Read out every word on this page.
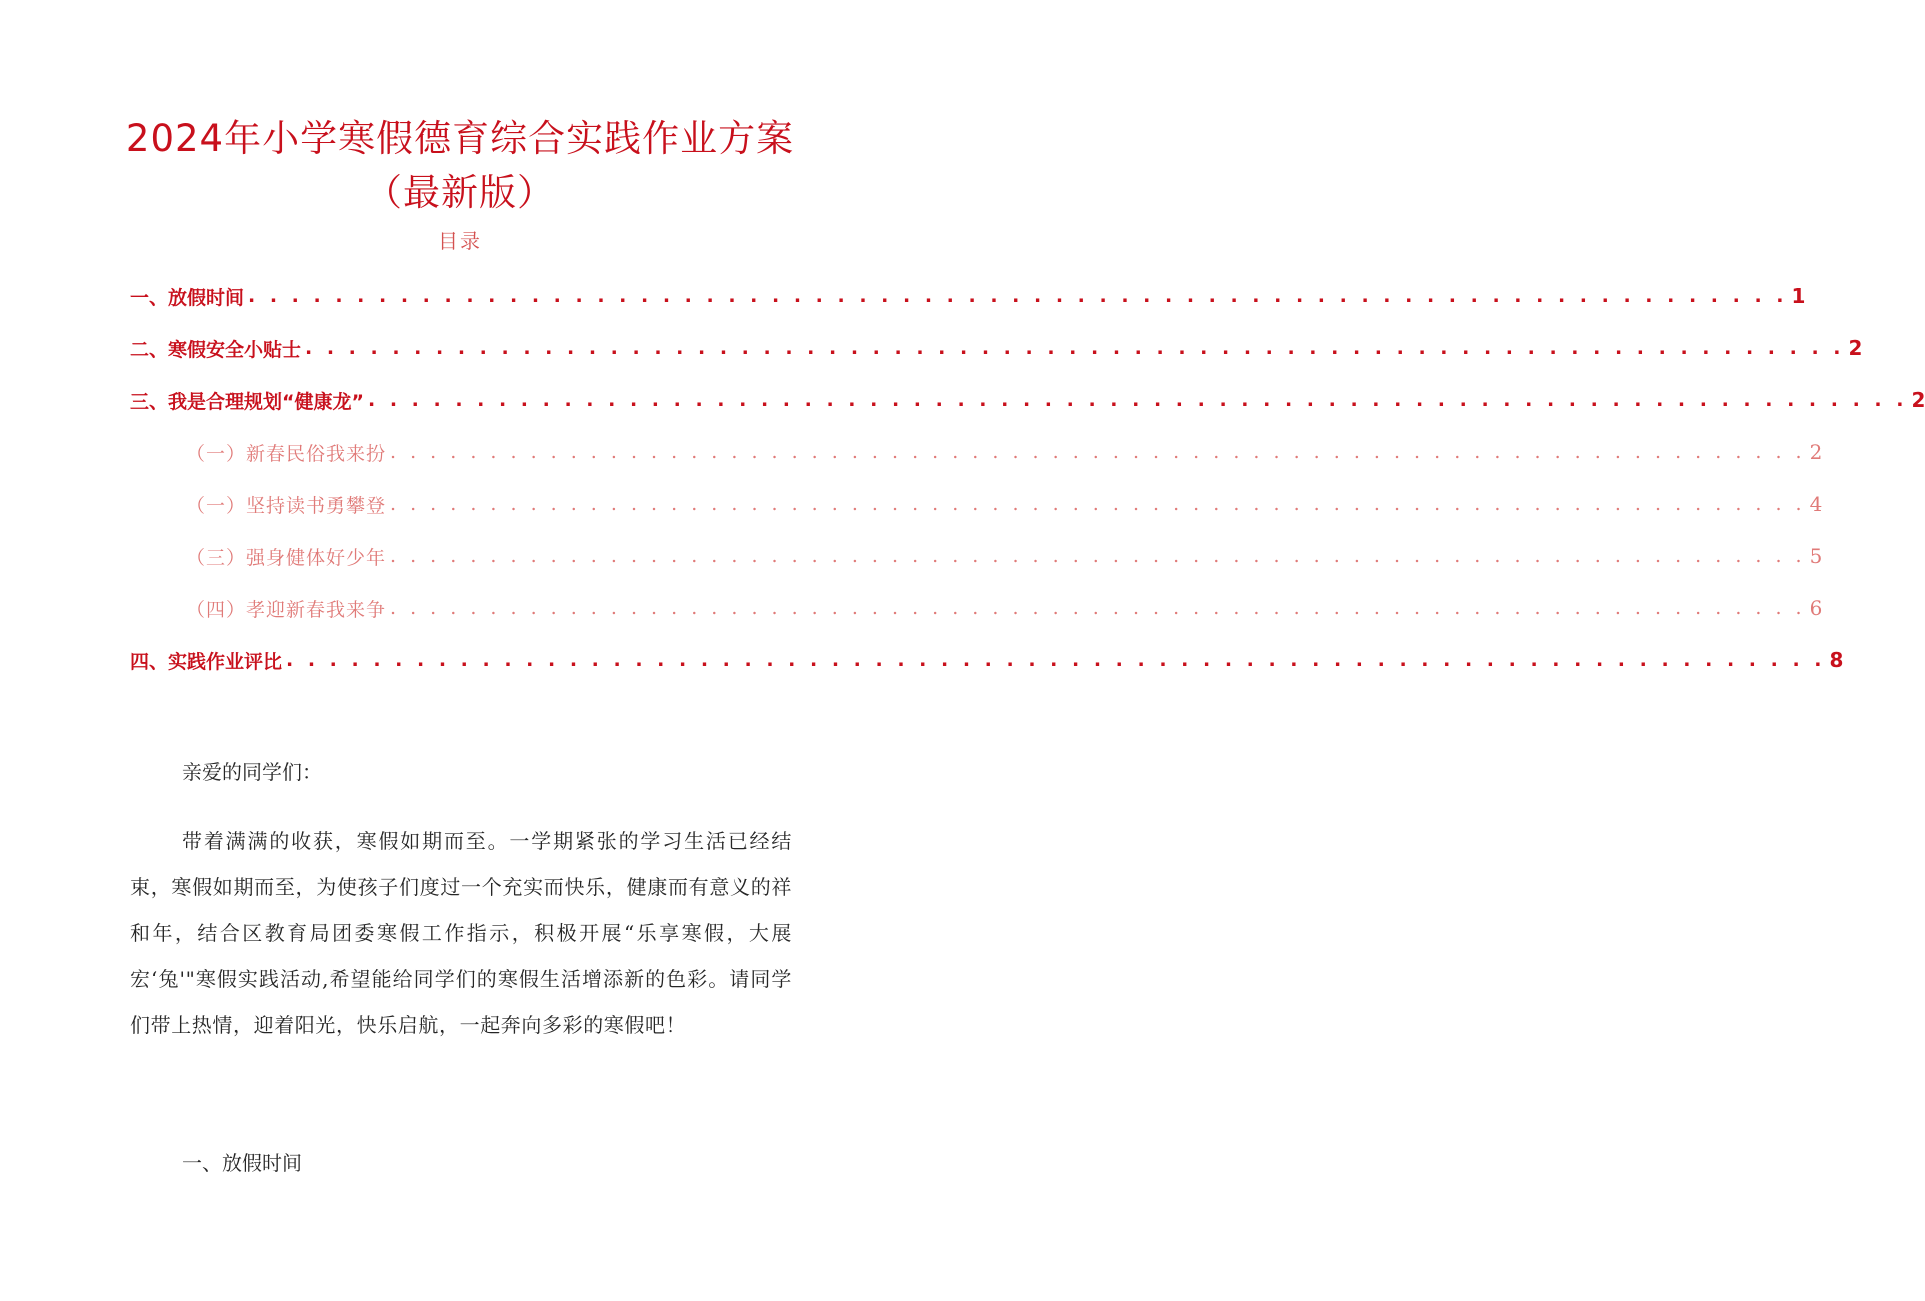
2024年小学寒假德育综合实践作业方案
（最新版）
目录
一、放假时间 . . . . . . . . . . . . . . . . . . . . . . . . . . . . . . . . . . . . . . . . . . . . . . . . . . . . . . . . . . . . . . . . . . . . . . . 1
二、寒假安全小贴士 . . . . . . . . . . . . . . . . . . . . . . . . . . . . . . . . . . . . . . . . . . . . . . . . . . . . . . . . . . . . . . . . . . . . . . . 2
三、我是合理规划“健康龙” . . . . . . . . . . . . . . . . . . . . . . . . . . . . . . . . . . . . . . . . . . . . . . . . . . . . . . . . . . . . . . . . . . . . . . . 2
（一）新春民俗我来扮 . . . . . . . . . . . . . . . . . . . . . . . . . . . . . . . . . . . . . . . . . . . . . . . . . . . . . . . . . . . . . . . . . . . . . . . 2
（一）坚持读书勇攀登 . . . . . . . . . . . . . . . . . . . . . . . . . . . . . . . . . . . . . . . . . . . . . . . . . . . . . . . . . . . . . . . . . . . . . . . 4
（三）强身健体好少年 . . . . . . . . . . . . . . . . . . . . . . . . . . . . . . . . . . . . . . . . . . . . . . . . . . . . . . . . . . . . . . . . . . . . . . . 5
（四）孝迎新春我来争 . . . . . . . . . . . . . . . . . . . . . . . . . . . . . . . . . . . . . . . . . . . . . . . . . . . . . . . . . . . . . . . . . . . . . . . 6
四、实践作业评比 . . . . . . . . . . . . . . . . . . . . . . . . . . . . . . . . . . . . . . . . . . . . . . . . . . . . . . . . . . . . . . . . . . . . . . . 8
亲爱的同学们：
带着满满的收获，寒假如期而至。一学期紧张的学习生活已经结束，寒假如期而至，为使孩子们度过一个充实而快乐，健康而有意义的祥和年，结合区教育局团委寒假工作指示，积极开展“乐享寒假，大展宏‘兔'"寒假实践活动,希望能给同学们的寒假生活增添新的色彩。请同学们带上热情，迎着阳光，快乐启航，一起奔向多彩的寒假吧！
一、放假时间
